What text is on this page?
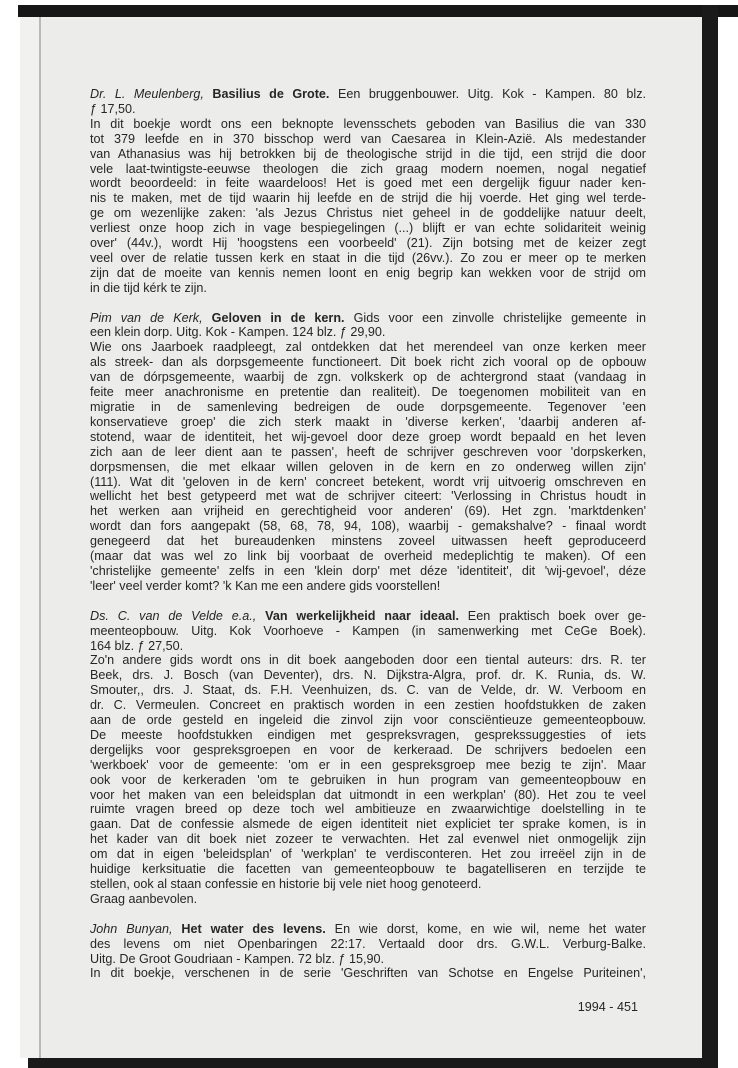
Dr. L. Meulenberg, Basilius de Grote. Een bruggenbouwer. Uitg. Kok - Kampen. 80 blz.
ƒ 17,50.
In dit boekje wordt ons een beknopte levensschets geboden van Basilius die van 330
tot 379 leefde en in 370 bisschop werd van Caesarea in Klein-Azië. Als medestander
van Athanasius was hij betrokken bij de theologische strijd in die tijd, een strijd die door
vele laat-twintigste-eeuwse theologen die zich graag modern noemen, nogal negatief
wordt beoordeeld: in feite waardeloos! Het is goed met een dergelijk figuur nader ken-
nis te maken, met de tijd waarin hij leefde en de strijd die hij voerde. Het ging wel terde-
ge om wezenlijke zaken: 'als Jezus Christus niet geheel in de goddelijke natuur deelt,
verliest onze hoop zich in vage bespiegelingen (...) blijft er van echte solidariteit weinig
over' (44v.), wordt Hij 'hoogstens een voorbeeld' (21). Zijn botsing met de keizer zegt
veel over de relatie tussen kerk en staat in die tijd (26vv.). Zo zou er meer op te merken
zijn dat de moeite van kennis nemen loont en enig begrip kan wekken voor de strijd om
in die tijd kérk te zijn.
Pim van de Kerk, Geloven in de kern. Gids voor een zinvolle christelijke gemeente in
een klein dorp. Uitg. Kok - Kampen. 124 blz. ƒ 29,90.
Wie ons Jaarboek raadpleegt, zal ontdekken dat het merendeel van onze kerken meer
als streek- dan als dorpsgemeente functioneert. Dit boek richt zich vooral op de opbouw
van de dórpsgemeente, waarbij de zgn. volkskerk op de achtergrond staat (vandaag in
feite meer anachronisme en pretentie dan realiteit). De toegenomen mobiliteit van en
migratie in de samenleving bedreigen de oude dorpsgemeente. Tegenover 'een
konservatieve groep' die zich sterk maakt in 'diverse kerken', 'daarbij anderen af-
stotend, waar de identiteit, het wij-gevoel door deze groep wordt bepaald en het leven
zich aan de leer dient aan te passen', heeft de schrijver geschreven voor 'dorpskerken,
dorpsmensen, die met elkaar willen geloven in de kern en zo onderweg willen zijn'
(111). Wat dit 'geloven in de kern' concreet betekent, wordt vrij uitvoerig omschreven en
wellicht het best getypeerd met wat de schrijver citeert: 'Verlossing in Christus houdt in
het werken aan vrijheid en gerechtigheid voor anderen' (69). Het zgn. 'marktdenken'
wordt dan fors aangepakt (58, 68, 78, 94, 108), waarbij - gemakshalve? - finaal wordt
genegeerd dat het bureaudenken minstens zoveel uitwassen heeft geproduceerd
(maar dat was wel zo link bij voorbaat de overheid medeplichtig te maken). Of een
'christelijke gemeente' zelfs in een 'klein dorp' met déze 'identiteit', dit 'wij-gevoel', déze
'leer' veel verder komt? 'k Kan me een andere gids voorstellen!
Ds. C. van de Velde e.a., Van werkelijkheid naar ideaal. Een praktisch boek over ge-
meenteopbouw. Uitg. Kok Voorhoeve - Kampen (in samenwerking met CeGe Boek).
164 blz. ƒ 27,50.
Zo'n andere gids wordt ons in dit boek aangeboden door een tiental auteurs: drs. R. ter
Beek, drs. J. Bosch (van Deventer), drs. N. Dijkstra-Algra, prof. dr. K. Runia, ds. W.
Smouter,, drs. J. Staat, ds. F.H. Veenhuizen, ds. C. van de Velde, dr. W. Verboom en
dr. C. Vermeulen. Concreet en praktisch worden in een zestien hoofdstukken de zaken
aan de orde gesteld en ingeleid die zinvol zijn voor consciëntieuze gemeenteopbouw.
De meeste hoofdstukken eindigen met gespreksvragen, gesprekssuggesties of iets
dergelijks voor gespreksgroepen en voor de kerkeraad. De schrijvers bedoelen een
'werkboek' voor de gemeente: 'om er in een gespreksgroep mee bezig te zijn'. Maar
ook voor de kerkeraden 'om te gebruiken in hun program van gemeenteopbouw en
voor het maken van een beleidsplan dat uitmondt in een werkplan' (80). Het zou te veel
ruimte vragen breed op deze toch wel ambitieuze en zwaarwichtige doelstelling in te
gaan. Dat de confessie alsmede de eigen identiteit niet expliciet ter sprake komen, is in
het kader van dit boek niet zozeer te verwachten. Het zal evenwel niet onmogelijk zijn
om dat in eigen 'beleidsplan' of 'werkplan' te verdisconteren. Het zou irreëel zijn in de
huidige kerksituatie die facetten van gemeenteopbouw te bagatelliseren en terzijde te
stellen, ook al staan confessie en historie bij vele niet hoog genoteerd.
Graag aanbevolen.
John Bunyan, Het water des levens. En wie dorst, kome, en wie wil, neme het water
des levens om niet Openbaringen 22:17. Vertaald door drs. G.W.L. Verburg-Balke.
Uitg. De Groot Goudriaan - Kampen. 72 blz. ƒ 15,90.
In dit boekje, verschenen in de serie 'Geschriften van Schotse en Engelse Puriteinen',
1994 - 451
